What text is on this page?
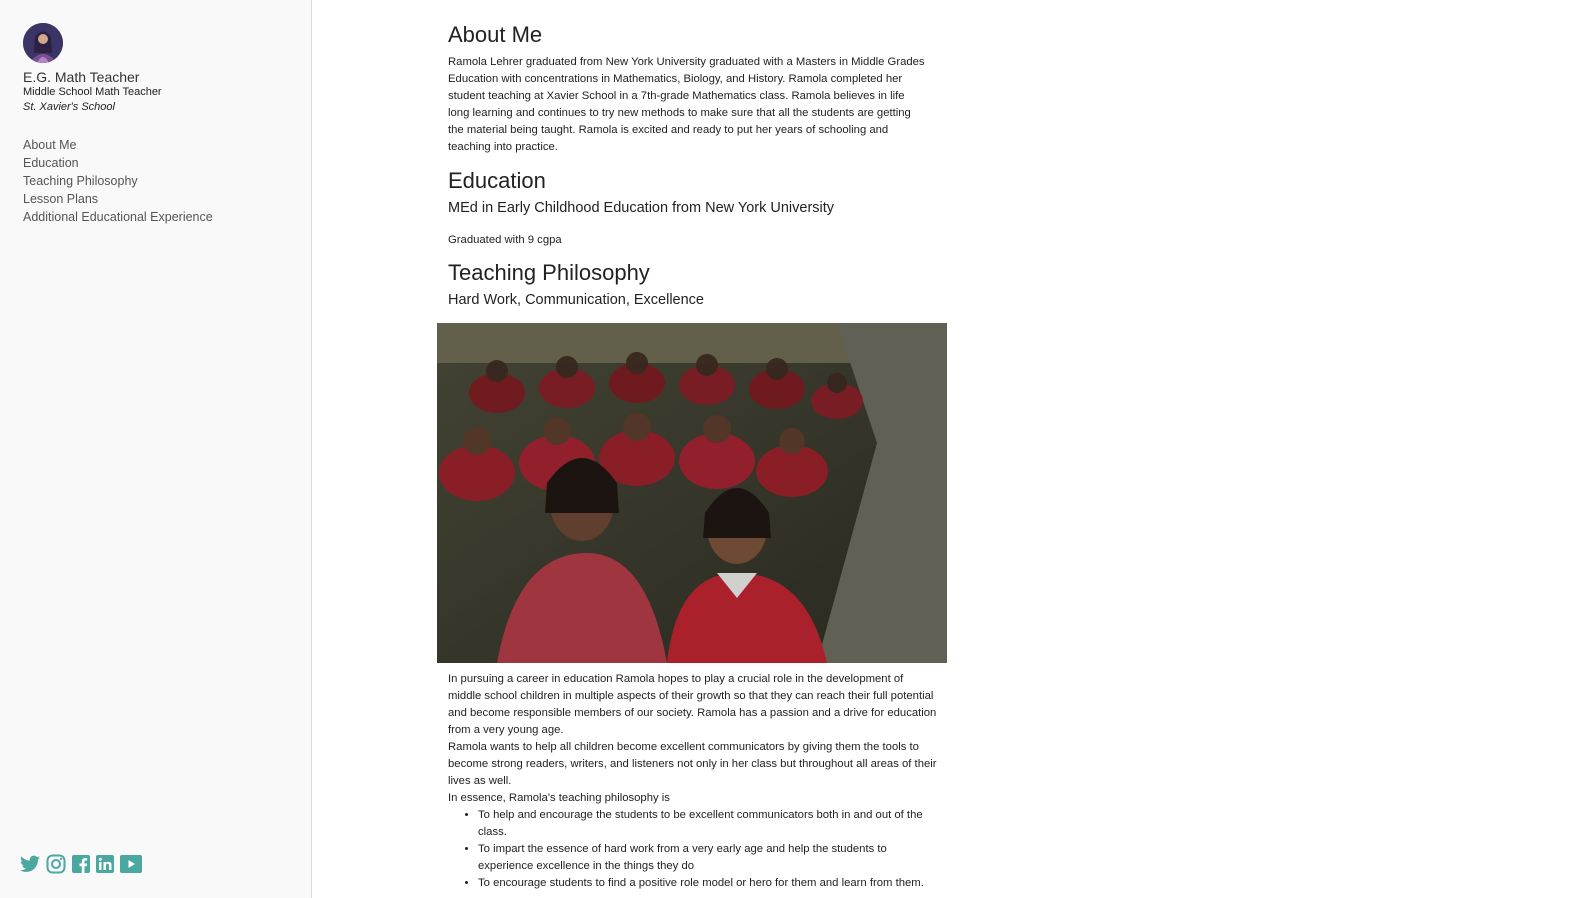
E.G. Math Teacher
Middle School Math Teacher
St. Xavier's School
About Me
Education
Teaching Philosophy
Lesson Plans
Additional Educational Experience
About Me

Ramola Lehrer graduated from New York University graduated with a Masters in Middle Grades Education with concentrations in Mathematics, Biology, and History. Ramola completed her student teaching at Xavier School in a 7th-grade Mathematics class. Ramola believes in life long learning and continues to try new methods to make sure that all the students are getting the material being taught. Ramola is excited and ready to put her years of schooling and teaching into practice.

Education

MEd in Early Childhood Education from New York University

Graduated with 9 cgpa

Teaching Philosophy

Hard Work, Communication, Excellence

In pursuing a career in education Ramola hopes to play a crucial role in the development of middle school children in multiple aspects of their growth so that they can reach their full potential and become responsible members of our society. Ramola has a passion and a drive for education from a very young age.

Ramola wants to help all children become excellent communicators by giving them the tools to become strong readers, writers, and listeners not only in her class but throughout all areas of their lives as well.

In essence, Ramola's teaching philosophy is

• To help and encourage the students to be excellent communicators both in and out of the class.
• To impart the essence of hard work from a very early age and help the students to experience excellence in the things they do
• To encourage students to find a positive role model or hero for them and learn from them.
